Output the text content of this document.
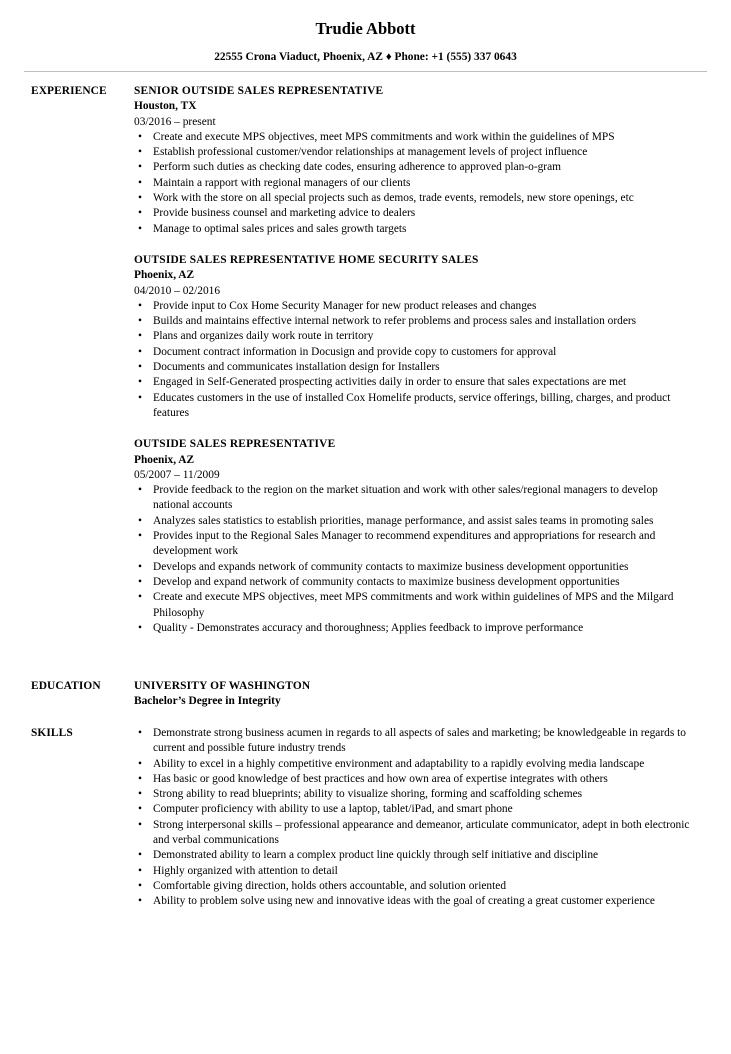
Trudie Abbott
22555 Crona Viaduct, Phoenix, AZ ♦ Phone: +1 (555) 337 0643
EXPERIENCE SENIOR OUTSIDE SALES REPRESENTATIVE
Houston, TX
03/2016 – present
• Create and execute MPS objectives, meet MPS commitments and work within the guidelines of MPS
• Establish professional customer/vendor relationships at management levels of project influence
• Perform such duties as checking date codes, ensuring adherence to approved plan-o-gram
• Maintain a rapport with regional managers of our clients
• Work with the store on all special projects such as demos, trade events, remodels, new store openings, etc
• Provide business counsel and marketing advice to dealers
• Manage to optimal sales prices and sales growth targets
OUTSIDE SALES REPRESENTATIVE HOME SECURITY SALES
Phoenix, AZ
04/2010 – 02/2016
• Provide input to Cox Home Security Manager for new product releases and changes
• Builds and maintains effective internal network to refer problems and process sales and installation orders
• Plans and organizes daily work route in territory
• Document contract information in Docusign and provide copy to customers for approval
• Documents and communicates installation design for Installers
• Engaged in Self-Generated prospecting activities daily in order to ensure that sales expectations are met
• Educates customers in the use of installed Cox Homelife products, service offerings, billing, charges, and product features
OUTSIDE SALES REPRESENTATIVE
Phoenix, AZ
05/2007 – 11/2009
• Provide feedback to the region on the market situation and work with other sales/regional managers to develop national accounts
• Analyzes sales statistics to establish priorities, manage performance, and assist sales teams in promoting sales
• Provides input to the Regional Sales Manager to recommend expenditures and appropriations for research and development work
• Develops and expands network of community contacts to maximize business development opportunities
• Develop and expand network of community contacts to maximize business development opportunities
• Create and execute MPS objectives, meet MPS commitments and work within guidelines of MPS and the Milgard Philosophy
• Quality - Demonstrates accuracy and thoroughness; Applies feedback to improve performance
EDUCATION	UNIVERSITY OF WASHINGTON
Bachelor’s Degree in Integrity
SKILLS
•	Demonstrate strong business acumen in regards to all aspects of sales and marketing; be knowledgeable in regards to current and possible future industry trends
• Ability to excel in a highly competitive environment and adaptability to a rapidly evolving media landscape
• Has basic or good knowledge of best practices and how own area of expertise integrates with others
• Strong ability to read blueprints; ability to visualize shoring, forming and scaffolding schemes
• Computer proficiency with ability to use a laptop, tablet/iPad, and smart phone
• Strong interpersonal skills – professional appearance and demeanor, articulate communicator, adept in both electronic and verbal communications
• Demonstrated ability to learn a complex product line quickly through self initiative and discipline
• Highly organized with attention to detail
• Comfortable giving direction, holds others accountable, and solution oriented
• Ability to problem solve using new and innovative ideas with the goal of creating a great customer experience
